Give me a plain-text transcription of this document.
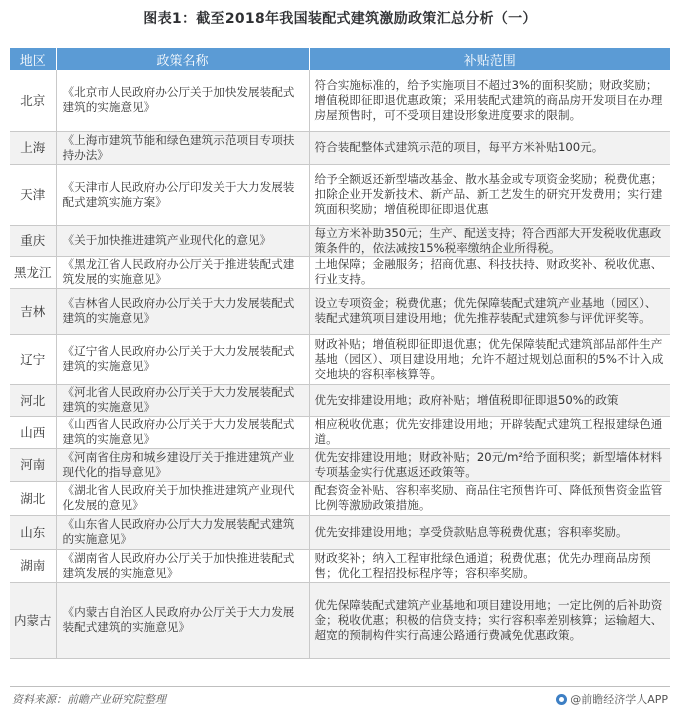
图表1：截至2018年我国装配式建筑激励政策汇总分析（一）
地区	政策名称	补贴范围
北京	《北京市人民政府办公厅关于加快发展装配式建筑的实施意见》	符合实施标准的，给予实施项目不超过3%的面积奖励；财政奖励；增值税即征即退优惠政策；采用装配式建筑的商品房开发项目在办理房屋预售时，可不受项目建设形象进度要求的限制。
上海	《上海市建筑节能和绿色建筑示范项目专项扶持办法》	符合装配整体式建筑示范的项目，每平方米补贴100元。
天津	《天津市人民政府办公厅印发关于大力发展装配式建筑实施方案》	给予全额返还新型墙改基金、散水基金或专项资金奖励；税费优惠；扣除企业开发新技术、新产品、新工艺发生的研究开发费用；实行建筑面积奖励；增值税即征即退优惠
重庆	《关于加快推进建筑产业现代化的意见》	每立方米补助350元；生产、配送支持；符合西部大开发税收优惠政策条件的，依法减按15%税率缴纳企业所得税。
黑龙江	《黑龙江省人民政府办公厅关于推进装配式建筑发展的实施意见》	土地保障；金融服务；招商优惠、科技扶持、财政奖补、税收优惠、行业支持。
吉林	《吉林省人民政府办公厅关于大力发展装配式建筑的实施意见》	设立专项资金；税费优惠；优先保障装配式建筑产业基地（园区）、装配式建筑项目建设用地；优先推荐装配式建筑参与评优评奖等。
辽宁	《辽宁省人民政府办公厅关于大力发展装配式建筑的实施意见》	财政补贴；增值税即征即退优惠；优先保障装配式建筑部品部件生产基地（园区）、项目建设用地；允许不超过规划总面积的5%不计入成交地块的容积率核算等。
河北	《河北省人民政府办公厅关于大力发展装配式建筑的实施意见》	优先安排建设用地；政府补贴；增值税即征即退50%的政策
山西	《山西省人民政府办公厅关于大力发展装配式建筑的实施意见》	相应税收优惠；优先安排建设用地；开辟装配式建筑工程报建绿色通道。
河南	《河南省住房和城乡建设厅关于推进建筑产业现代化的指导意见》	优先安排建设用地；财政补贴；20元/m²给予面积奖；新型墙体材料专项基金实行优惠返还政策等。
湖北	《湖北省人民政府关于加快推进建筑产业现代化发展的意见》	配套资金补贴、容积率奖励、商品住宅预售许可、降低预售资金监管比例等激励政策措施。
山东	《山东省人民政府办公厅大力发展装配式建筑的实施意见》	优先安排建设用地；享受贷款贴息等税费优惠；容积率奖励。
湖南	《湖南省人民政府办公厅关于加快推进装配式建筑发展的实施意见》	财政奖补；纳入工程审批绿色通道；税费优惠；优先办理商品房预售；优化工程招投标程序等；容积率奖励。
内蒙古	《内蒙古自治区人民政府办公厅关于大力发展装配式建筑的实施意见》	优先保障装配式建筑产业基地和项目建设用地；一定比例的后补助资金；税收优惠；积极的信贷支持；实行容积率差别核算；运输超大、超宽的预制构件实行高速公路通行费减免优惠政策。
资料来源：前瞻产业研究院整理	@前瞻经济学人APP
